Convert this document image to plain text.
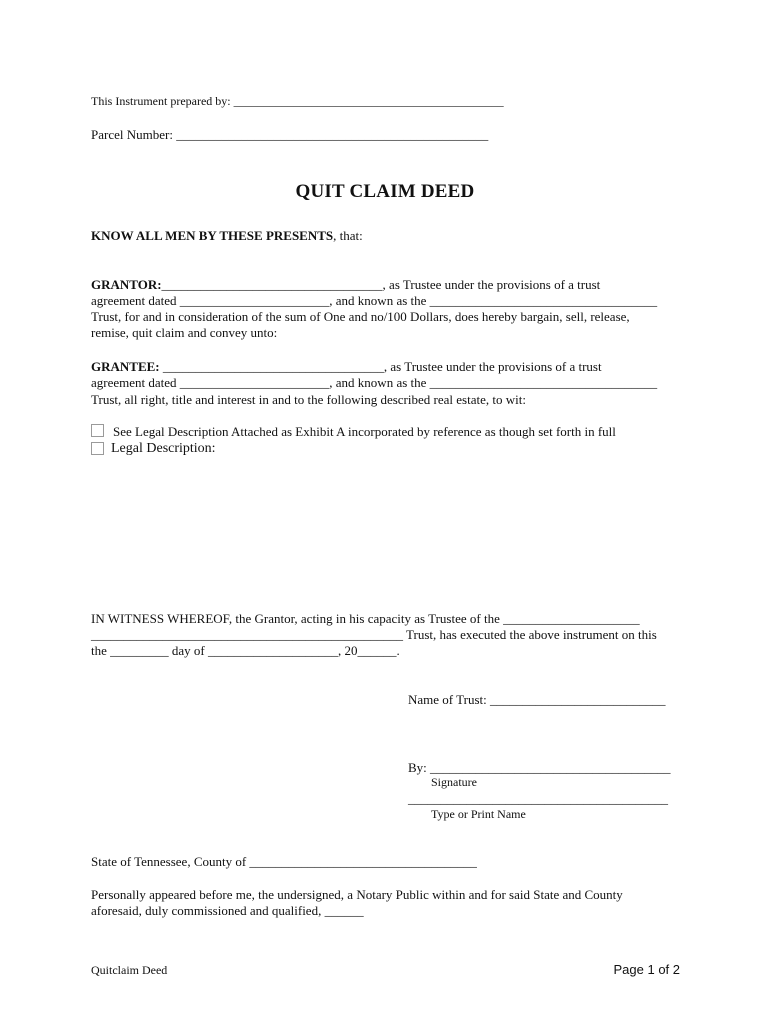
This Instrument prepared by: _____________________________________________
Parcel Number: ________________________________________________
QUIT CLAIM DEED
KNOW ALL MEN BY THESE PRESENTS, that:
GRANTOR:__________________________________, as Trustee under the provisions of a trust
agreement dated _______________________, and known as the ___________________________________
Trust, for and in consideration of the sum of One and no/100 Dollars, does hereby bargain, sell, release,
remise, quit claim and convey unto:
GRANTEE: __________________________________, as Trustee under the provisions of a trust
agreement dated _______________________, and known as the ___________________________________
Trust, all right, title and interest in and to the following described real estate, to wit:
See Legal Description Attached as Exhibit A incorporated by reference as though set forth in full
Legal Description:
IN WITNESS WHEREOF, the Grantor, acting in his capacity as Trustee of the _____________________
________________________________________________ Trust, has executed the above instrument on this
the _________ day of ____________________, 20______.
Name of Trust: ___________________________
By: _____________________________________
Signature
________________________________________
Type or Print Name
State of Tennessee, County of ___________________________________
Personally appeared before me, the undersigned, a Notary Public within and for said State and County
aforesaid, duly commissioned and qualified, ______
Quitclaim Deed	Page 1 of 2
